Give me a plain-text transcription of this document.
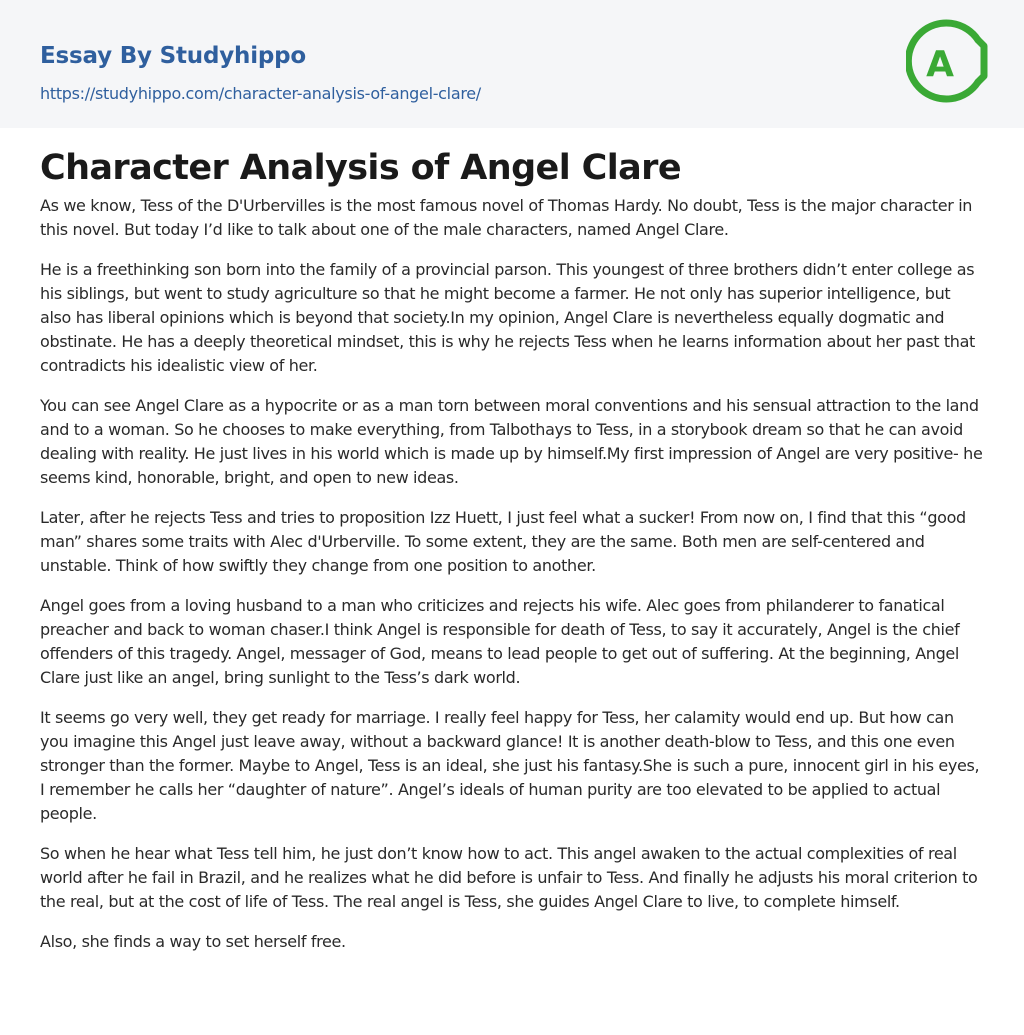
Essay By Studyhippo
https://studyhippo.com/character-analysis-of-angel-clare/
A
Character Analysis of Angel Clare

As we know, Tess of the D'Urbervilles is the most famous novel of Thomas Hardy. No doubt, Tess is the major character in this novel. But today I’d like to talk about one of the male characters, named Angel Clare.

He is a freethinking son born into the family of a provincial parson. This youngest of three brothers didn’t enter college as his siblings, but went to study agriculture so that he might become a farmer. He not only has superior intelligence, but also has liberal opinions which is beyond that society.In my opinion, Angel Clare is nevertheless equally dogmatic and obstinate. He has a deeply theoretical mindset, this is why he rejects Tess when he learns information about her past that contradicts his idealistic view of her.

You can see Angel Clare as a hypocrite or as a man torn between moral conventions and his sensual attraction to the land and to a woman. So he chooses to make everything, from Talbothays to Tess, in a storybook dream so that he can avoid dealing with reality. He just lives in his world which is made up by himself.My first impression of Angel are very positive- he seems kind, honorable, bright, and open to new ideas.

Later, after he rejects Tess and tries to proposition Izz Huett, I just feel what a sucker! From now on, I find that this “good man” shares some traits with Alec d'Urberville. To some extent, they are the same. Both men are self-centered and unstable. Think of how swiftly they change from one position to another.

Angel goes from a loving husband to a man who criticizes and rejects his wife. Alec goes from philanderer to fanatical preacher and back to woman chaser.I think Angel is responsible for death of Tess, to say it accurately, Angel is the chief offenders of this tragedy. Angel, messager of God, means to lead people to get out of suffering. At the beginning, Angel Clare just like an angel, bring sunlight to the Tess’s dark world.

It seems go very well, they get ready for marriage. I really feel happy for Tess, her calamity would end up. But how can you imagine this Angel just leave away, without a backward glance! It is another death-blow to Tess, and this one even stronger than the former. Maybe to Angel, Tess is an ideal, she just his fantasy.She is such a pure, innocent girl in his eyes, I remember he calls her “daughter of nature”. Angel’s ideals of human purity are too elevated to be applied to actual people.

So when he hear what Tess tell him, he just don’t know how to act. This angel awaken to the actual complexities of real world after he fail in Brazil, and he realizes what he did before is unfair to Tess. And finally he adjusts his moral criterion to the real, but at the cost of life of Tess. The real angel is Tess, she guides Angel Clare to live, to complete himself.

Also, she finds a way to set herself free.
